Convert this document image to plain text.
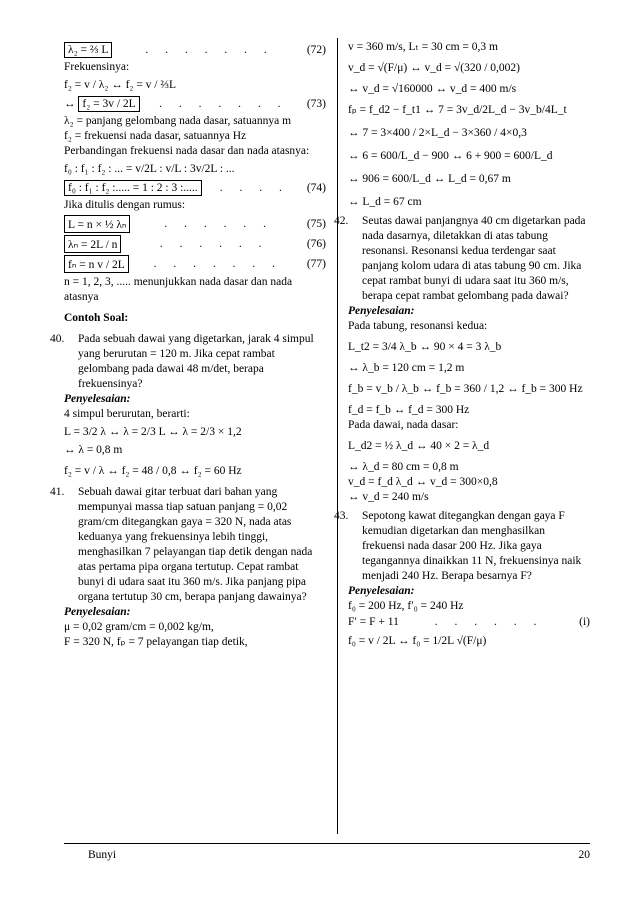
λ₂ = ⅔ L	. . . . . . .	(72)
Frekuensinya:
f₂ = v / λ₂ ↔ f₂ = v / ⅔L
↔ f₂ = 3v / 2L	. . . . . . . (73)
λ₂ = panjang gelombang nada dasar, satuannya m
f₂ = frekuensi nada dasar, satuannya Hz
Perbandingan frekuensi nada dasar dan nada atasnya:
f₀ : f₁ : f₂ : ... = v/2L : v/L : 3v/2L : ...
f₀ : f₁ : f₂ :..... = 1 : 2 : 3 :.....	. . . . (74)
Jika ditulis dengan rumus:
L = n × ½ λₙ	. . . . . .	(75)
λₙ = 2L / n	. . . . . .	(76)
fₙ = n v / 2L	. . . . . . . (77)
n = 1, 2, 3, ..... menunjukkan nada dasar dan nada atasnya
Contoh Soal:
40. Pada sebuah dawai yang digetarkan, jarak 4 simpul yang berurutan = 120 m. Jika cepat rambat gelombang pada dawai 48 m/det, berapa frekuensinya?
Penyelesaian:
4 simpul berurutan, berarti:
L = 3/2 λ ↔ λ = 2/3 L ↔ λ = 2/3 × 1,2
↔ λ = 0,8 m
f₂ = v / λ ↔ f₂ = 48 / 0,8 ↔ f₂ = 60 Hz
41. Sebuah dawai gitar terbuat dari bahan yang mempunyai massa tiap satuan panjang = 0,02 gram/cm ditegangkan gaya = 320 N, nada atas keduanya yang frekuensinya lebih tinggi, menghasilkan 7 pelayangan tiap detik dengan nada atas pertama pipa organa tertutup. Cepat rambat bunyi di udara saat itu 360 m/s. Jika panjang pipa organa tertutup 30 cm, berapa panjang dawainya?
Penyelesaian:
μ = 0,02 gram/cm = 0,002 kg/m,
F = 320 N, fₚ = 7 pelayangan tiap detik,
v = 360 m/s, Lₜ = 30 cm = 0,3 m
v_d = √(F/μ) ↔ v_d = √(320 / 0,002)
↔ v_d = √160000 ↔ v_d = 400 m/s
fₚ = f_d2 − f_t1 ↔ 7 = 3v_d/2L_d − 3v_b/4L_t
↔ 7 = 3×400 / 2×L_d − 3×360 / 4×0,3
↔ 6 = 600/L_d − 900 ↔ 6 + 900 = 600/L_d
↔ 906 = 600/L_d ↔ L_d = 0,67 m
↔ L_d = 67 cm
42. Seutas dawai panjangnya 40 cm digetarkan pada nada dasarnya, diletakkan di atas tabung resonansi. Resonansi kedua terdengar saat panjang kolom udara di atas tabung 90 cm. Jika cepat rambat bunyi di udara saat itu 360 m/s, berapa cepat rambat gelombang pada dawai?
Penyelesaian:
Pada tabung, resonansi kedua:
L_t2 = 3/4 λ_b ↔ 90 × 4 = 3 λ_b
↔ λ_b = 120 cm = 1,2 m
f_b = v_b / λ_b ↔ f_b = 360 / 1,2 ↔ f_b = 300 Hz
f_d = f_b ↔ f_d = 300 Hz
Pada dawai, nada dasar:
L_d2 = ½ λ_d ↔ 40 × 2 = λ_d
↔ λ_d = 80 cm = 0,8 m
v_d = f_d λ_d ↔ v_d = 300×0,8
↔ v_d = 240 m/s
43. Sepotong kawat ditegangkan dengan gaya F kemudian digetarkan dan menghasilkan frekuensi nada dasar 200 Hz. Jika gaya tegangannya dinaikkan 11 N, frekuensinya naik menjadi 240 Hz. Berapa besarnya F?
Penyelesaian:
f₀ = 200 Hz, f′₀ = 240 Hz
F′ = F + 11	. . . . . .	(i)
f₀ = v / 2L ↔ f₀ = 1/2L √(F/μ)
Bunyi	20
